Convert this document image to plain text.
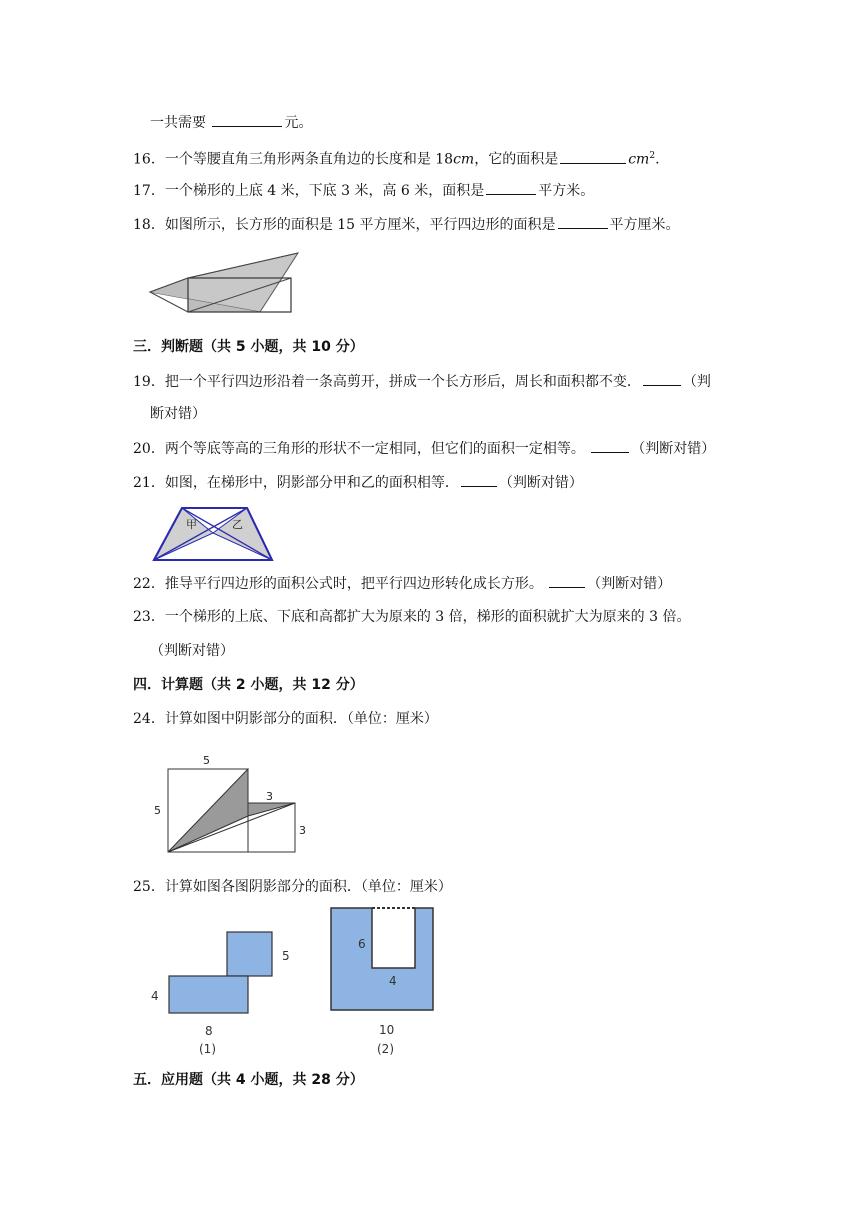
一共需要	元。
16．一个等腰直角三角形两条直角边的长度和是 18cm，它的面积是	$cm^2$.
17．一个梯形的上底 4 米，下底 3 米，高 6 米，面积是	平方米。
18．如图所示，长方形的面积是 15 平方厘米，平行四边形的面积是	平方厘米。
三．判断题（共 5 小题，共 10 分）
19．把一个平行四边形沿着一条高剪开，拼成一个长方形后，周长和面积都不变．	（判
断对错）
20．两个等底等高的三角形的形状不一定相同，但它们的面积一定相等。	（判断对错）
21．如图，在梯形中，阴影部分甲和乙的面积相等．	（判断对错）
甲	乙
22．推导平行四边形的面积公式时，把平行四边形转化成长方形。	（判断对错）
23．一个梯形的上底、下底和高都扩大为原来的 3 倍，梯形的面积就扩大为原来的 3 倍。
（判断对错）
四．计算题（共 2 小题，共 12 分）
24．计算如图中阴影部分的面积．（单位：厘米）
5
5
3
3
25．计算如图各图阴影部分的面积．（单位：厘米）
5
4
8
(1)
6
4
10
(2)
五．应用题（共 4 小题，共 28 分）
